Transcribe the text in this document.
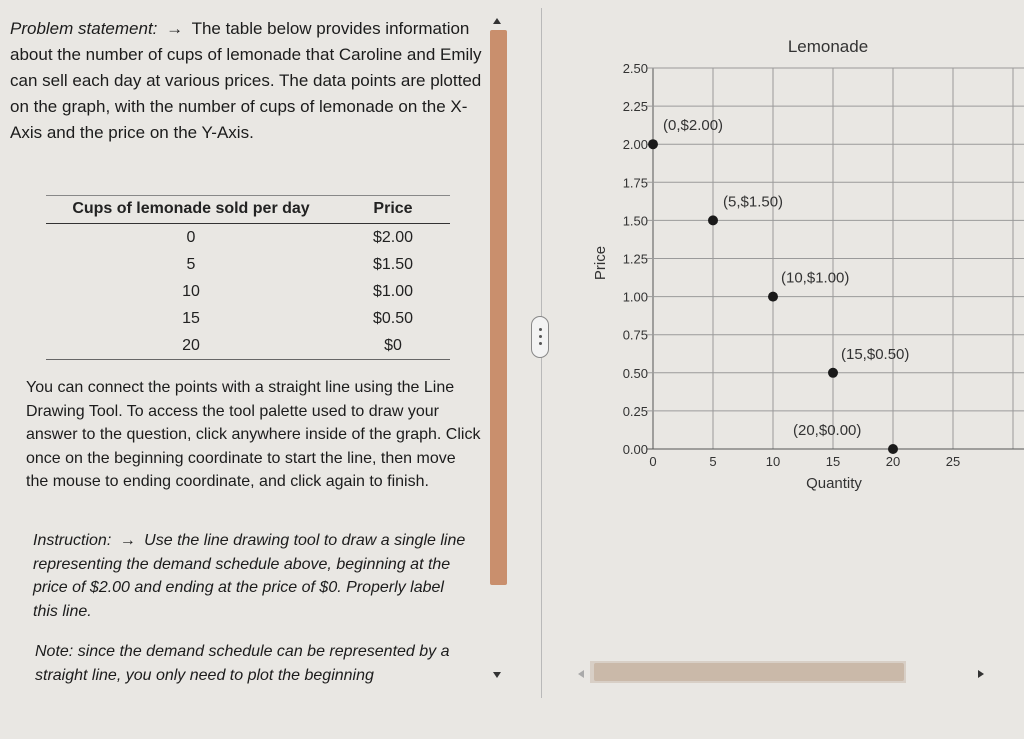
Problem statement: → The table below provides information about the number of cups of lemonade that Caroline and Emily can sell each day at various prices. The data points are plotted on the graph, with the number of cups of lemonade on the X-Axis and the price on the Y-Axis.
Cups of lemonade sold per day	Price
0	$2.00
5	$1.50
10	$1.00
15	$0.50
20	$0
You can connect the points with a straight line using the Line Drawing Tool. To access the tool palette used to draw your answer to the question, click anywhere inside of the graph. Click once on the beginning coordinate to start the line, then move the mouse to ending coordinate, and click again to finish.
Instruction: → Use the line drawing tool to draw a single line representing the demand schedule above, beginning at the price of $2.00 and ending at the price of $0. Properly label this line.
Note: since the demand schedule can be represented by a straight line, you only need to plot the beginning
0.00
0.25
0.50
0.75
1.00
1.25
1.50
1.75
2.00
2.25
2.50
0	5	10	15	20	25
(0,$2.00)
(5,$1.50)
(10,$1.00)
(15,$0.50)
(20,$0.00)
Lemonade
Quantity
Price
